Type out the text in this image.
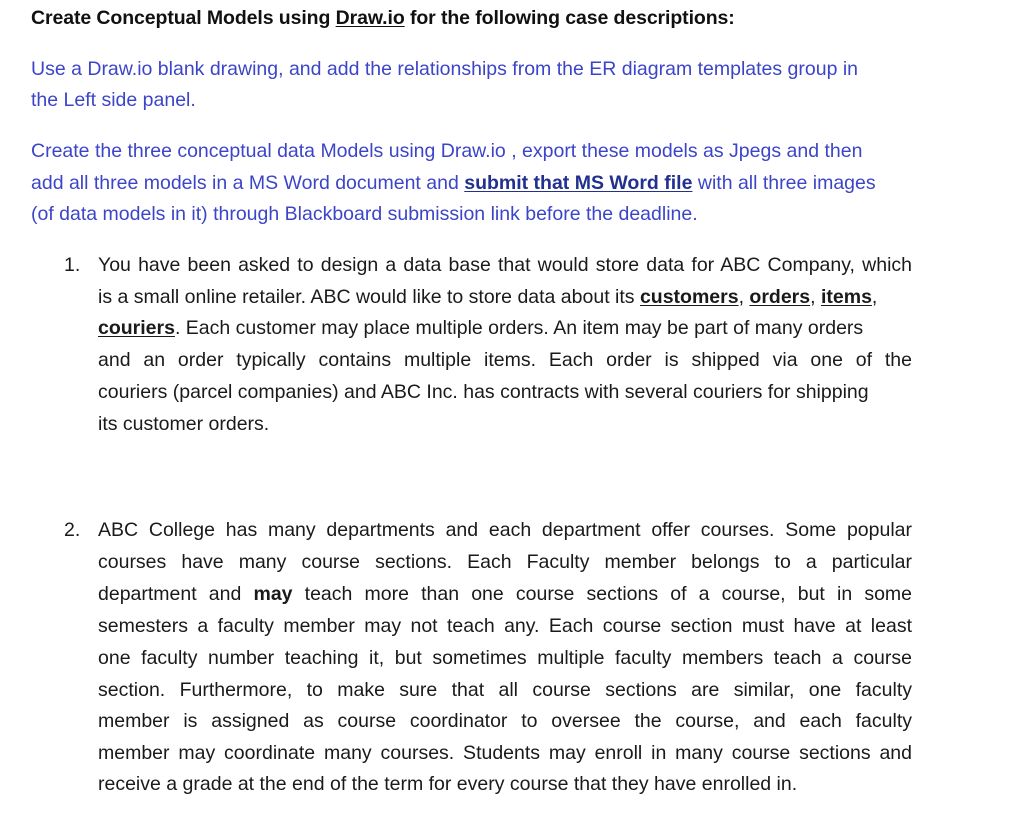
Create Conceptual Models using Draw.io for the following case descriptions:
Use a Draw.io blank drawing, and add the relationships from the ER diagram templates group in
the Left side panel.
Create the three conceptual data Models using Draw.io , export these models as Jpegs and then
add all three models in a MS Word document and submit that MS Word file with all three images
(of data models in it) through Blackboard submission link before the deadline.
1. You have been asked to design a data base that would store data for ABC Company, which
is a small online retailer. ABC would like to store data about its customers, orders, items,
couriers. Each customer may place multiple orders. An item may be part of many orders
and an order typically contains multiple items. Each order is shipped via one of the
couriers (parcel companies) and ABC Inc. has contracts with several couriers for shipping
its customer orders.
2. ABC College has many departments and each department offer courses. Some popular
courses have many course sections. Each Faculty member belongs to a particular
department and may teach more than one course sections of a course, but in some
semesters a faculty member may not teach any. Each course section must have at least
one faculty number teaching it, but sometimes multiple faculty members teach a course
section. Furthermore, to make sure that all course sections are similar, one faculty
member is assigned as course coordinator to oversee the course, and each faculty
member may coordinate many courses. Students may enroll in many course sections and
receive a grade at the end of the term for every course that they have enrolled in.
